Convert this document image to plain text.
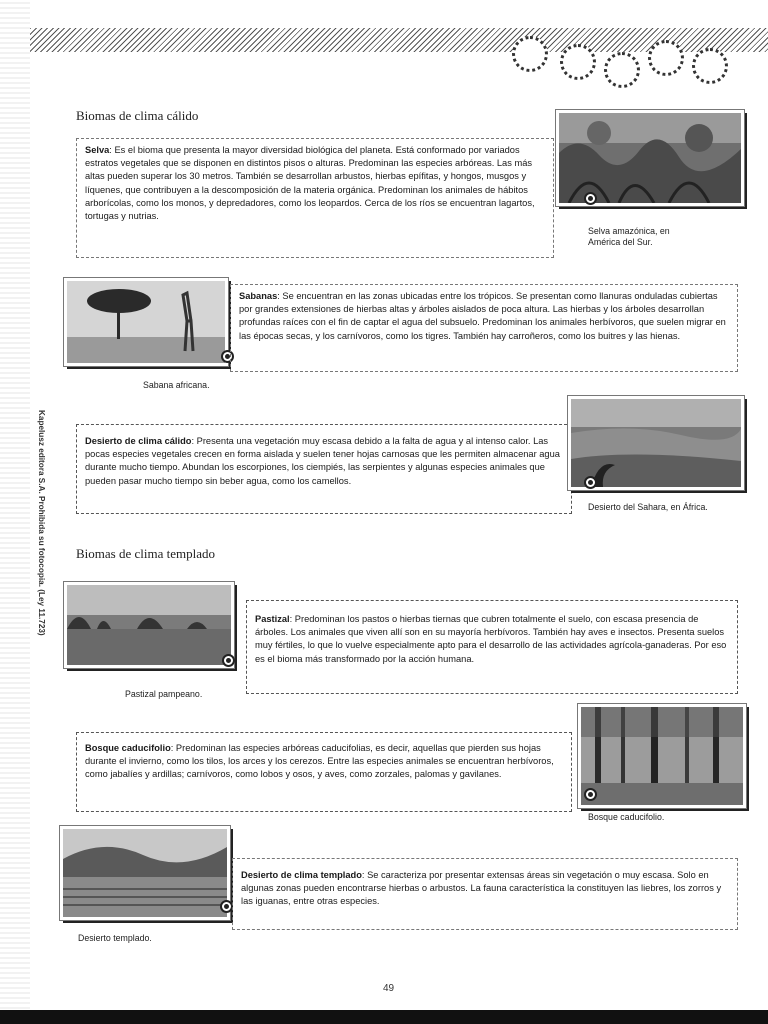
Kapelusz editora S.A. Prohibida su fotocopia. (Ley 11.723)
Biomas de clima cálido
Selva: Es el bioma que presenta la mayor diversidad biológica del planeta. Está conformado por variados estratos vegetales que se disponen en distintos pisos o alturas. Predominan las especies arbóreas. Las más altas pueden superar los 30 metros. También se desarrollan arbustos, hierbas epífitas, y hongos, musgos y líquenes, que contribuyen a la descomposición de la materia orgánica. Predominan los animales de hábitos arborícolas, como los monos, y depredadores, como los leopardos. Cerca de los ríos se encuentran lagartos, tortugas y nutrias.
Selva amazónica, en América del Sur.
Sabana africana.
Sabanas: Se encuentran en las zonas ubicadas entre los trópicos. Se presentan como llanuras onduladas cubiertas por grandes extensiones de hierbas altas y árboles aislados de poca altura. Las hierbas y los árboles desarrollan profundas raíces con el fin de captar el agua del subsuelo. Predominan los animales herbívoros, que suelen migrar en las épocas secas, y los carnívoros, como los tigres. También hay carroñeros, como los buitres y las hienas.
Desierto de clima cálido: Presenta una vegetación muy escasa debido a la falta de agua y al intenso calor. Las pocas especies vegetales crecen en forma aislada y suelen tener hojas carnosas que les permiten almacenar agua durante mucho tiempo. Abundan los escorpiones, los ciempiés, las serpientes y algunas especies animales que pueden pasar mucho tiempo sin beber agua, como los camellos.
Desierto del Sahara, en África.
Biomas de clima templado
Pastizal pampeano.
Pastizal: Predominan los pastos o hierbas tiernas que cubren totalmente el suelo, con escasa presencia de árboles. Los animales que viven allí son en su mayoría herbívoros. También hay aves e insectos. Presenta suelos muy fértiles, lo que lo vuelve especialmente apto para el desarrollo de las actividades agrícola-ganaderas. Por eso es el bioma más transformado por la acción humana.
Bosque caducifolio: Predominan las especies arbóreas caducifolias, es decir, aquellas que pierden sus hojas durante el invierno, como los tilos, los arces y los cerezos. Entre las especies animales se encuentran herbívoros, como jabalíes y ardillas; carnívoros, como lobos y osos, y aves, como zorzales, palomas y gavilanes.
Bosque caducifolio.
Desierto templado.
Desierto de clima templado: Se caracteriza por presentar extensas áreas sin vegetación o muy escasa. Solo en algunas zonas pueden encontrarse hierbas o arbustos. La fauna característica la constituyen las liebres, los zorros y las iguanas, entre otras especies.
49
